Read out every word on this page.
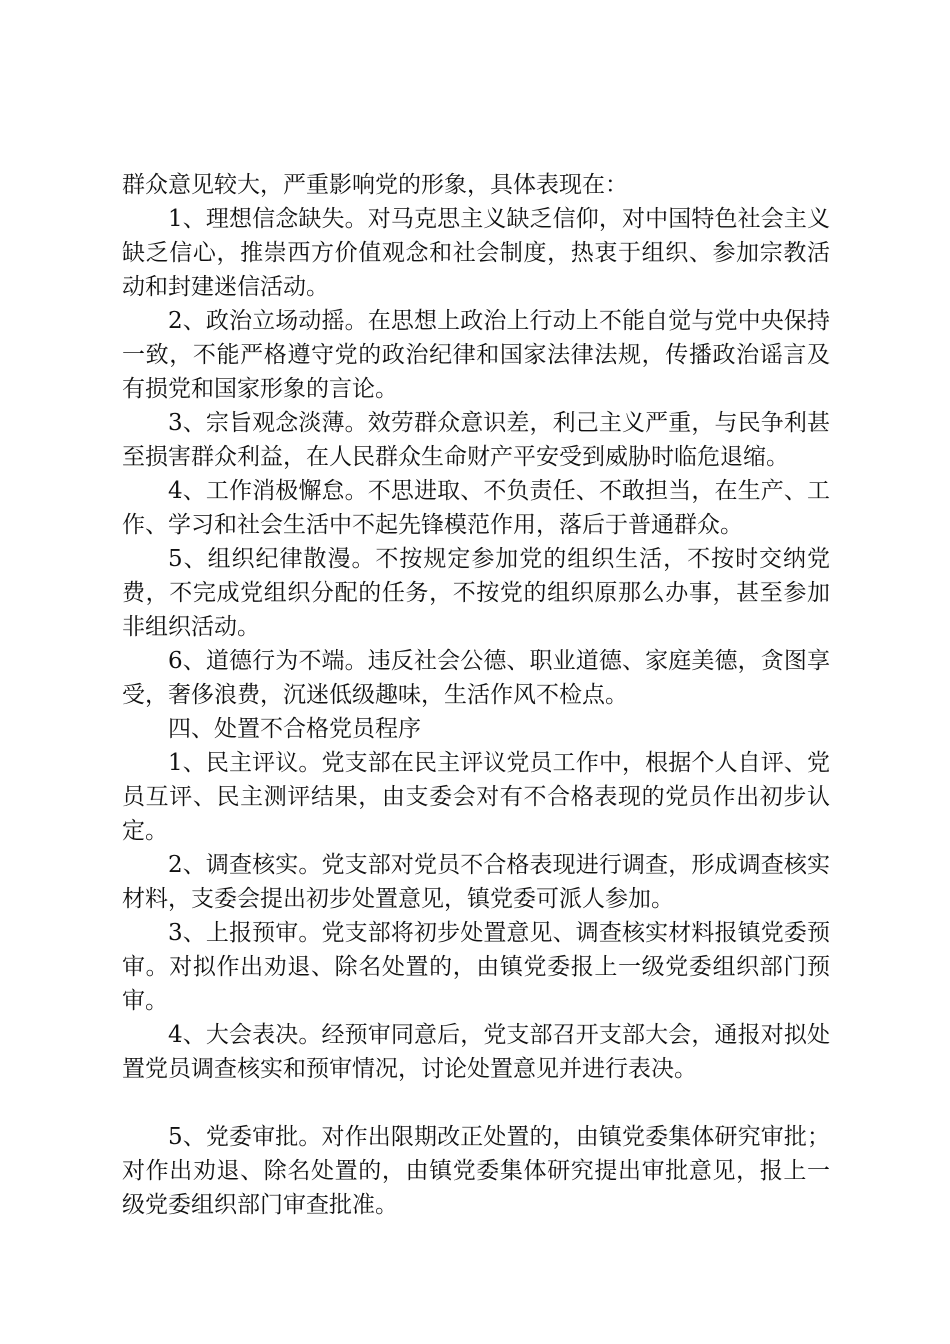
群众意见较大，严重影响党的形象，具体表现在：

1、理想信念缺失。对马克思主义缺乏信仰，对中国特色社会主义缺乏信心，推崇西方价值观念和社会制度，热衷于组织、参加宗教活动和封建迷信活动。

2、政治立场动摇。在思想上政治上行动上不能自觉与党中央保持一致，不能严格遵守党的政治纪律和国家法律法规，传播政治谣言及有损党和国家形象的言论。

3、宗旨观念淡薄。效劳群众意识差，利己主义严重，与民争利甚至损害群众利益，在人民群众生命财产平安受到威胁时临危退缩。

4、工作消极懈怠。不思进取、不负责任、不敢担当，在生产、工作、学习和社会生活中不起先锋模范作用，落后于普通群众。

5、组织纪律散漫。不按规定参加党的组织生活，不按时交纳党费，不完成党组织分配的任务，不按党的组织原那么办事，甚至参加非组织活动。

6、道德行为不端。违反社会公德、职业道德、家庭美德，贪图享受，奢侈浪费，沉迷低级趣味，生活作风不检点。

四、处置不合格党员程序

1、民主评议。党支部在民主评议党员工作中，根据个人自评、党员互评、民主测评结果，由支委会对有不合格表现的党员作出初步认定。

2、调查核实。党支部对党员不合格表现进行调查，形成调查核实材料，支委会提出初步处置意见，镇党委可派人参加。

3、上报预审。党支部将初步处置意见、调查核实材料报镇党委预审。对拟作出劝退、除名处置的，由镇党委报上一级党委组织部门预审。

4、大会表决。经预审同意后，党支部召开支部大会，通报对拟处置党员调查核实和预审情况，讨论处置意见并进行表决。

5、党委审批。对作出限期改正处置的，由镇党委集体研究审批；对作出劝退、除名处置的，由镇党委集体研究提出审批意见，报上一级党委组织部门审查批准。
